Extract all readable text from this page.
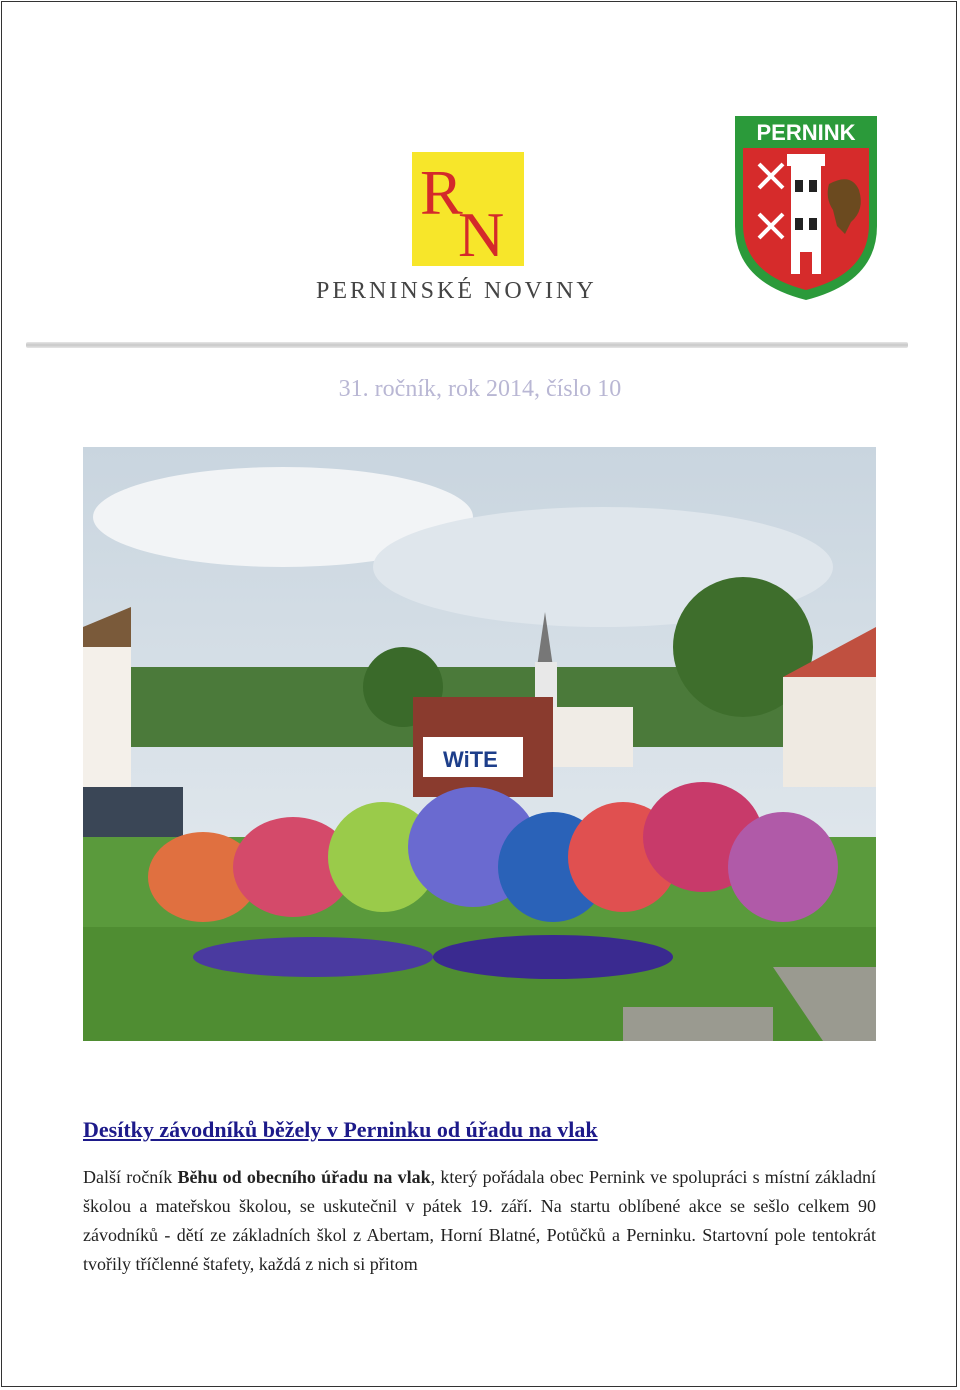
R
N
PERNINSKÉ NOVINY
PERNINK
31. ročník, rok 2014, číslo 10
WiTE
Desítky závodníků běžely v Perninku od úřadu na vlak
Další ročník Běhu od obecního úřadu na vlak, který pořádala obec Pernink ve spolupráci s místní základní školou a mateřskou školou, se uskutečnil v pátek 19. září. Na startu oblíbené akce se sešlo celkem 90 závodníků - dětí ze základních škol z Abertam, Horní Blatné, Potůčků a Perninku. Startovní pole tentokrát tvořily tříčlenné štafety, každá z nich si přitom
